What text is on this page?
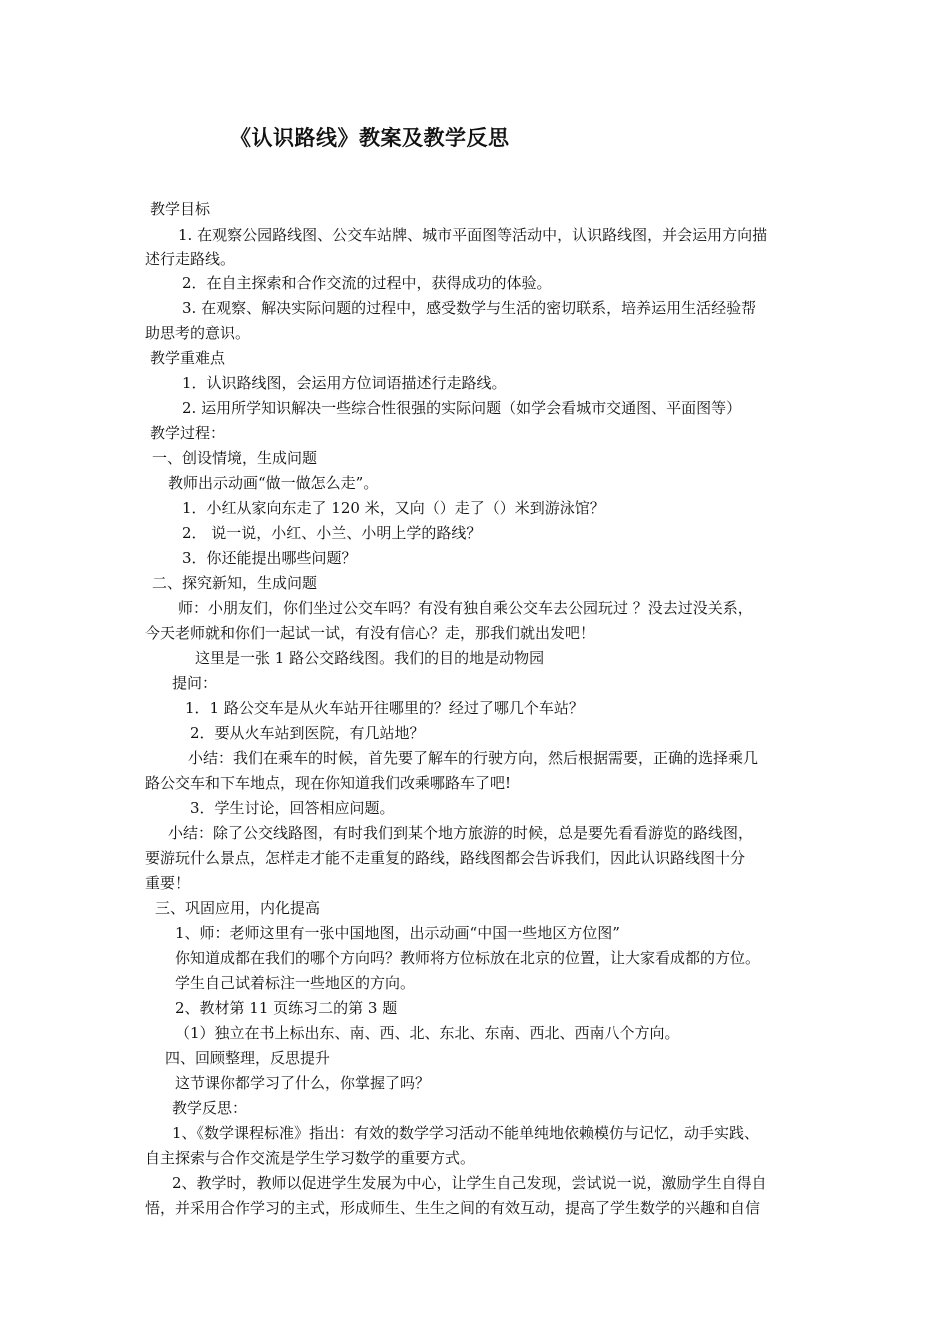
《认识路线》教案及教学反思
教学目标
1. 在观察公园路线图、公交车站牌、城市平面图等活动中，认识路线图，并会运用方向描
述行走路线。
2．在自主探索和合作交流的过程中，获得成功的体验。
3. 在观察、解决实际问题的过程中，感受数学与生活的密切联系，培养运用生活经验帮
助思考的意识。
教学重难点
1．认识路线图，会运用方位词语描述行走路线。
2. 运用所学知识解决一些综合性很强的实际问题（如学会看城市交通图、平面图等）
教学过程：
一、创设情境，生成问题
教师出示动画“做一做怎么走”。
1．小红从家向东走了 120 米，又向（）走了（）米到游泳馆？
2． 说一说，小红、小兰、小明上学的路线？
3．你还能提出哪些问题？
二、探究新知，生成问题
师：小朋友们，你们坐过公交车吗？有没有独自乘公交车去公园玩过 ？没去过没关系，
今天老师就和你们一起试一试，有没有信心？走，那我们就出发吧！
这里是一张 1 路公交路线图。我们的目的地是动物园
提问：
1．1 路公交车是从火车站开往哪里的？经过了哪几个车站？
2．要从火车站到医院，有几站地？
小结：我们在乘车的时候，首先要了解车的行驶方向，然后根据需要，正确的选择乘几
路公交车和下车地点，现在你知道我们改乘哪路车了吧!
3．学生讨论，回答相应问题。
小结：除了公交线路图，有时我们到某个地方旅游的时候，总是要先看看游览的路线图，
要游玩什么景点，怎样走才能不走重复的路线，路线图都会告诉我们，因此认识路线图十分
重要！
三、巩固应用，内化提高
1、师：老师这里有一张中国地图，出示动画“中国一些地区方位图”
你知道成都在我们的哪个方向吗？教师将方位标放在北京的位置，让大家看成都的方位。
学生自己试着标注一些地区的方向。
2、教材第 11 页练习二的第 3 题
（1）独立在书上标出东、南、西、北、东北、东南、西北、西南八个方向。
四、回顾整理，反思提升
这节课你都学习了什么，你掌握了吗？
教学反思：
1、《数学课程标准》指出：有效的数学学习活动不能单纯地依赖模仿与记忆，动手实践、
自主探索与合作交流是学生学习数学的重要方式。
2、教学时，教师以促进学生发展为中心，让学生自己发现，尝试说一说，激励学生自得自
悟，并采用合作学习的主式，形成师生、生生之间的有效互动，提高了学生数学的兴趣和自信
